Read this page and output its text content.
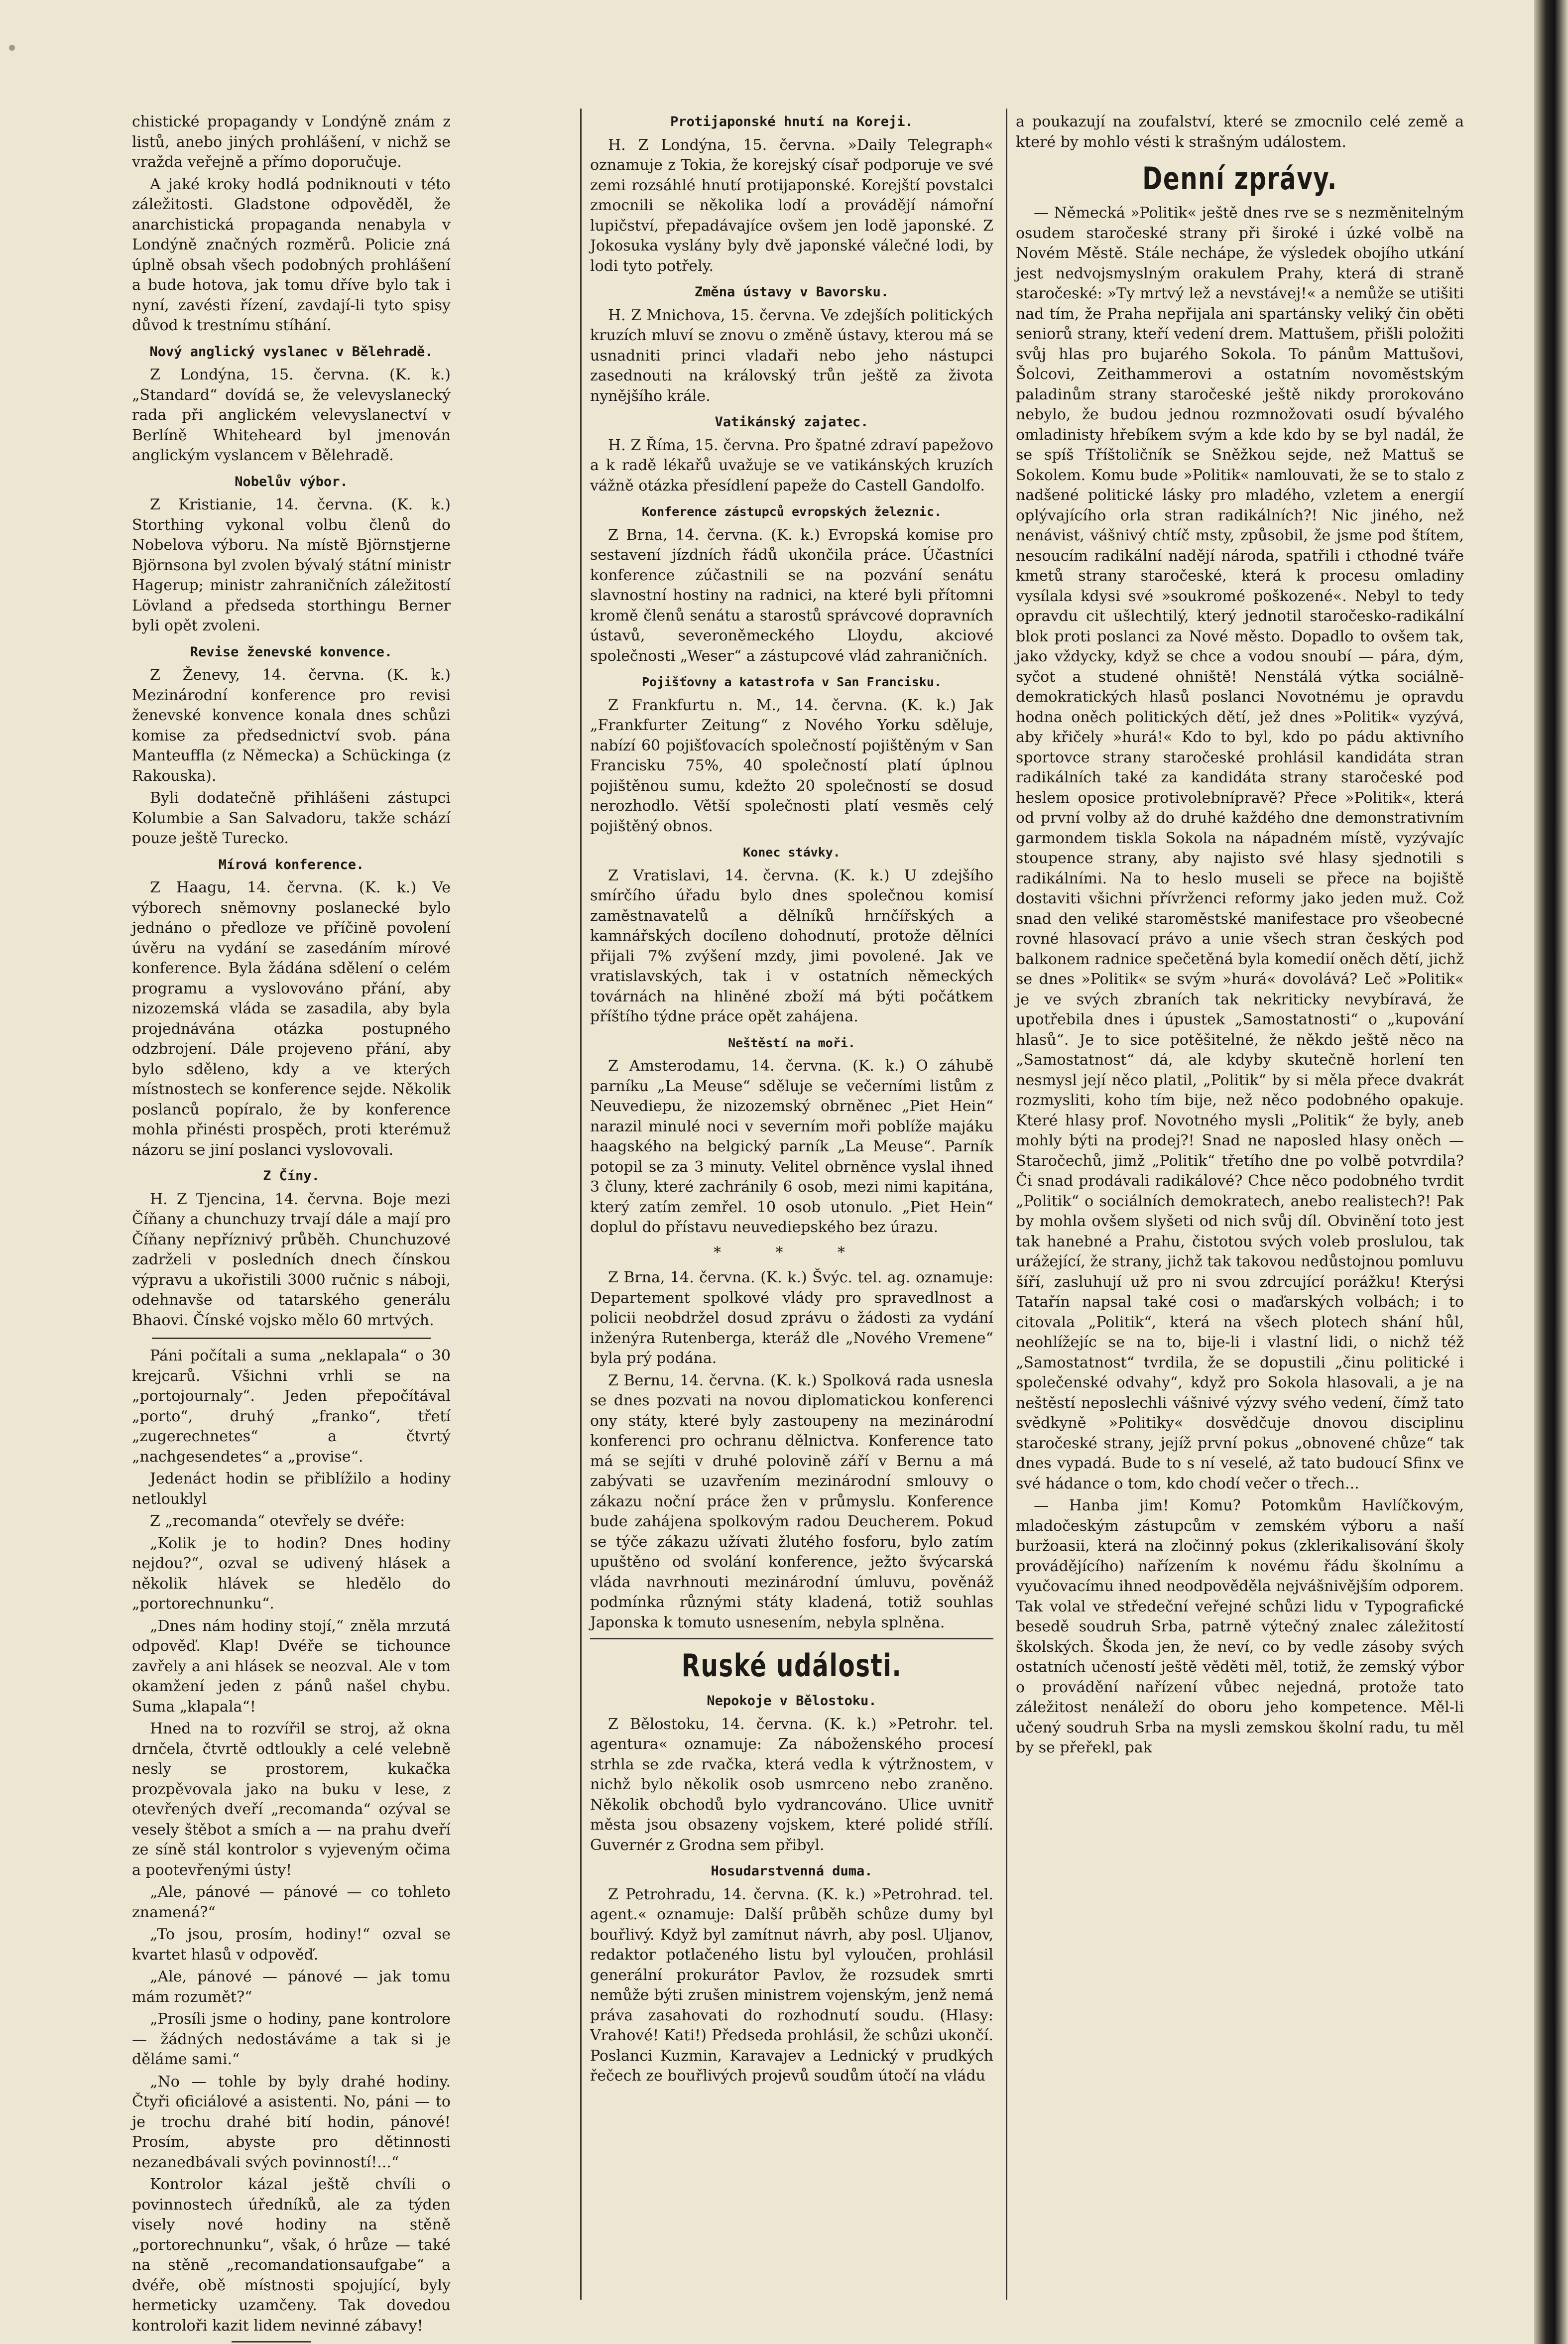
chistické propagandy v Londýně znám z listů, anebo jiných prohlášení, v nichž se vražda veřejně a přímo doporučuje.

A jaké kroky hodlá podniknouti v této záležitosti. Gladstone odpověděl, že anarchistická propaganda nenabyla v Londýně značných rozměrů. Policie zná úplně obsah všech podobných prohlášení a bude hotova, jak tomu dříve bylo tak i nyní, zavésti řízení, zavdají-li tyto spisy důvod k trestnímu stíhání.

Nový anglický vyslanec v Bělehradě.

Z Londýna, 15. června. (K. k.) „Standard“ dovídá se, že velevyslanecký rada při anglickém velevyslanectví v Berlíně Whiteheard byl jmenován anglickým vyslancem v Bělehradě.

Nobelův výbor.

Z Kristianie, 14. června. (K. k.) Storthing vykonal volbu členů do Nobelova výboru. Na místě Björnstjerne Björnsona byl zvolen bývalý státní ministr Hagerup; ministr zahraničních záležitostí Lövland a předseda storthingu Berner byli opět zvoleni.

Revise ženevské konvence.

Z Ženevy, 14. června. (K. k.) Mezinárodní konference pro revisi ženevské konvence konala dnes schůzi komise za předsednictví svob. pána Manteuffla (z Německa) a Schückinga (z Rakouska).

Byli dodatečně přihlášeni zástupci Kolumbie a San Salvadoru, takže schází pouze ještě Turecko.

Mírová konference.

Z Haagu, 14. června. (K. k.) Ve výborech sněmovny poslanecké bylo jednáno o předloze ve příčině povolení úvěru na vydání se zasedáním mírové konference. Byla žádána sdělení o celém programu a vyslovováno přání, aby nizozemská vláda se zasadila, aby byla projednávána otázka postupného odzbrojení. Dále projeveno přání, aby bylo sděleno, kdy a ve kterých místnostech se konference sejde. Několik poslanců popíralo, že by konference mohla přinésti prospěch, proti kterémuž názoru se jiní poslanci vyslovovali.

Z Číny.

H. Z Tjencina, 14. června. Boje mezi Číňany a chunchuzy trvají dále a mají pro Číňany nepříznivý průběh. Chunchuzové zadrželi v posledních dnech čínskou výpravu a ukořistili 3000 ručnic s náboji, odehnavše od tatarského generálu Bhaovi. Čínské vojsko mělo 60 mrtvých.

Páni počítali a suma „neklapala“ o 30 krejcarů. Všichni vrhli se na „portojournaly“. Jeden přepočítával „porto“, druhý „franko“, třetí „zugerechnetes“ a čtvrtý „nachgesendetes“ a „provise“.

Jedenáct hodin se přiblížilo a hodiny netlouklyl

Z „recomanda“ otevřely se dvéře:

„Kolik je to hodin? Dnes hodiny nejdou?“, ozval se udivený hlásek a několik hlávek se hledělo do „portorechnunku“.

„Dnes nám hodiny stojí,“ zněla mrzutá odpověď. Klap! Dvéře se tichounce zavřely a ani hlásek se neozval. Ale v tom okamžení jeden z pánů našel chybu. Suma „klapala“!

Hned na to rozvířil se stroj, až okna drnčela, čtvrtě odtloukly a celé velebně nesly se prostorem, kukačka prozpěvovala jako na buku v lese, z otevřených dveří „recomanda“ ozýval se vesely štěbot a smích a — na prahu dveří ze síně stál kontrolor s vyjeveným očima a pootevřenými ústy!

„Ale, pánové — pánové — co tohleto znamená?“

„To jsou, prosím, hodiny!“ ozval se kvartet hlasů v odpověď.

„Ale, pánové — pánové — jak tomu mám rozumět?“

„Prosíli jsme o hodiny, pane kontrolore — žádných nedostáváme a tak si je děláme sami.“

„No — tohle by byly drahé hodiny. Čtyři oficiálové a asistenti. No, páni — to je trochu drahé bití hodin, pánové! Prosím, abyste pro dětinnosti nezanedbávali svých povinností!...“

Kontrolor kázal ještě chvíli o povinnostech úředníků, ale za týden visely nové hodiny na stěně „portorechnunku“, však, ó hrůze — také na stěně „recomandationsaufgabe“ a dvéře, obě místnosti spojující, byly hermeticky uzamčeny. Tak dovedou kontroloři kazit lidem nevinné zábavy!

Protijaponské hnutí na Koreji.

H. Z Londýna, 15. června. »Daily Telegraph« oznamuje z Tokia, že korejský císař podporuje ve své zemi rozsáhlé hnutí protijaponské. Korejští povstalci zmocnili se několika lodí a provádějí námořní lupičství, přepadávajíce ovšem jen lodě japonské. Z Jokosuka vyslány byly dvě japonské válečné lodi, by lodi tyto potřely.

Změna ústavy v Bavorsku.

H. Z Mnichova, 15. června. Ve zdejších politických kruzích mluví se znovu o změně ústavy, kterou má se usnadniti princi vladaři nebo jeho nástupci zasednouti na královský trůn ještě za života nynějšího krále.

Vatikánský zajatec.

H. Z Říma, 15. června. Pro špatné zdraví papežovo a k radě lékařů uvažuje se ve vatikánských kruzích vážně otázka přesídlení papeže do Castell Gandolfo.

Konference zástupců evropských železnic.

Z Brna, 14. června. (K. k.) Evropská komise pro sestavení jízdních řádů ukončila práce. Účastníci konference zúčastnili se na pozvání senátu slavnostní hostiny na radnici, na které byli přítomni kromě členů senátu a starostů správcové dopravních ústavů, severoněmeckého Lloydu, akciové společnosti „Weser“ a zástupcové vlád zahraničních.

Pojišťovny a katastrofa v San Francisku.

Z Frankfurtu n. M., 14. června. (K. k.) Jak „Frankfurter Zeitung“ z Nového Yorku sděluje, nabízí 60 pojišťovacích společností pojištěným v San Francisku 75%, 40 společností platí úplnou pojištěnou sumu, kdežto 20 společností se dosud nerozhodlo. Větší společnosti platí vesměs celý pojištěný obnos.

Konec stávky.

Z Vratislavi, 14. června. (K. k.) U zdejšího smírčího úřadu bylo dnes společnou komisí zaměstnavatelů a dělníků hrnčířských a kamnářských docíleno dohodnutí, protože dělníci přijali 7% zvýšení mzdy, jimi povolené. Jak ve vratislavských, tak i v ostatních německých továrnách na hliněné zboží má býti počátkem příštího týdne práce opět zahájena.

Neštěstí na moři.

Z Amsterodamu, 14. června. (K. k.) O záhubě parníku „La Meuse“ sděluje se večerními listům z Neuvediepu, že nizozemský obrněnec „Piet Hein“ narazil minulé noci v severním moři poblíže majáku haagského na belgický parník „La Meuse“. Parník potopil se za 3 minuty. Velitel obrněnce vyslal ihned 3 čluny, které zachránily 6 osob, mezi nimi kapitána, který zatím zemřel. 10 osob utonulo. „Piet Hein“ doplul do přístavu neuvediepského bez úrazu.

* * *

Z Brna, 14. června. (K. k.) Švýc. tel. ag. oznamuje: Departement spolkové vlády pro spravedlnost a policii neobdržel dosud zprávu o žádosti za vydání inženýra Rutenberga, kteráž dle „Nového Vremene“ byla prý podána.

Z Bernu, 14. června. (K. k.) Spolková rada usnesla se dnes pozvati na novou diplomatickou konferenci ony státy, které byly zastoupeny na mezinárodní konferenci pro ochranu dělnictva. Konference tato má se sejíti v druhé polovině září v Bernu a má zabývati se uzavřením mezinárodní smlouvy o zákazu noční práce žen v průmyslu. Konference bude zahájena spolkovým radou Deucherem. Pokud se týče zákazu užívati žlutého fosforu, bylo zatím upuštěno od svolání konference, ježto švýcarská vláda navrhnouti mezinárodní úmluvu, pověnáž podmínka různými státy kladená, totiž souhlas Japonska k tomuto usnesením, nebyla splněna.

Ruské události.
Nepokoje v Bělostoku.

Z Bělostoku, 14. června. (K. k.) »Petrohr. tel. agentura« oznamuje: Za náboženského procesí strhla se zde rvačka, která vedla k výtržnostem, v nichž bylo několik osob usmrceno nebo zraněno. Několik obchodů bylo vydrancováno. Ulice uvnitř města jsou obsazeny vojskem, které polidé střílí. Guvernér z Grodna sem přibyl.

Hosudarstvenná duma.

Z Petrohradu, 14. června. (K. k.) »Petrohrad. tel. agent.« oznamuje: Další průběh schůze dumy byl bouřlivý. Když byl zamítnut návrh, aby posl. Uljanov, redaktor potlačeného listu byl vyloučen, prohlásil generální prokurátor Pavlov, že rozsudek smrti nemůže býti zrušen ministrem vojenským, jenž nemá práva zasahovati do rozhodnutí soudu. (Hlasy: Vrahové! Kati!) Předseda prohlásil, že schůzi ukončí. Poslanci Kuzmin, Karavajev a Lednický v prudkých řečech ze bouřlivých projevů soudům útočí na vládu

a poukazují na zoufalství, které se zmocnilo celé země a které by mohlo vésti k strašným událostem.

Denní zprávy.

— Německá »Politik« ještě dnes rve se s nezměnitelným osudem staročeské strany při široké i úzké volbě na Novém Městě. Stále nechápe, že výsledek obojího utkání jest nedvojsmyslným orakulem Prahy, která di straně staročeské: »Ty mrtvý lež a nevstávej!« a nemůže se utišiti nad tím, že Praha nepřijala ani spartánsky veliký čin oběti seniorů strany, kteří vedení drem. Mattušem, přišli položiti svůj hlas pro bujarého Sokola. To pánům Mattušovi, Šolcovi, Zeithammerovi a ostatním novoměstským paladinům strany staročeské ještě nikdy prorokováno nebylo, že budou jednou rozmnožovati osudí bývalého omladinisty hřebíkem svým a kde kdo by se byl nadál, že se spíš Tříštoličník se Sněžkou sejde, než Mattuš se Sokolem. Komu bude »Politik« namlouvati, že se to stalo z nadšené politické lásky pro mladého, vzletem a energií oplývajícího orla stran radikálních?! Nic jiného, než nenávist, vášnivý chtíč msty, způsobil, že jsme pod štítem, nesoucím radikální nadějí národa, spatřili i cthodné tváře kmetů strany staročeské, která k procesu omladiny vysílala kdysi své »soukromé poškozené«. Nebyl to tedy opravdu cit ušlechtilý, který jednotil staročesko-radikální blok proti poslanci za Nové město. Dopadlo to ovšem tak, jako vždycky, když se chce a vodou snoubí — pára, dým, syčot a studené ohniště! Nenstálá výtka sociálně-demokratických hlasů poslanci Novotnému je opravdu hodna oněch politických dětí, jež dnes »Politik« vyzývá, aby křičely »hurá!« Kdo to byl, kdo po pádu aktivního sportovce strany staročeské prohlásil kandidáta stran radikálních také za kandidáta strany staročeské pod heslem oposice protivolebnípravě? Přece »Politik«, která od první volby až do druhé každého dne demonstrativním garmondem tiskla Sokola na nápadném místě, vyzývajíc stoupence strany, aby najisto své hlasy sjednotili s radikálními. Na to heslo museli se přece na bojiště dostaviti všichni přívrženci reformy jako jeden muž. Což snad den veliké staroměstské manifestace pro všeobecné rovné hlasovací právo a unie všech stran českých pod balkonem radnice spečetěná byla komedií oněch dětí, jichž se dnes »Politik« se svým »hurá« dovolává? Leč »Politik« je ve svých zbraních tak nekriticky nevybíravá, že upotřebila dnes i úpustek „Samostatnosti“ o „kupování hlasů“. Je to sice potěšitelné, že někdo ještě něco na „Samostatnost“ dá, ale kdyby skutečně horlení ten nesmysl její něco platil, „Politik“ by si měla přece dvakrát rozmysliti, koho tím bije, než něco podobného opakuje. Které hlasy prof. Novotného mysli „Politik“ že byly, aneb mohly býti na prodej?! Snad ne naposled hlasy oněch — Staročechů, jimž „Politik“ třetího dne po volbě potvrdila? Či snad prodávali radikálové? Chce něco podobného tvrdit „Politik“ o sociálních demokratech, anebo realistech?! Pak by mohla ovšem slyšeti od nich svůj díl. Obvinění toto jest tak hanebné a Prahu, čistotou svých voleb proslulou, tak urážející, že strany, jichž tak takovou nedůstojnou pomluvu šíří, zasluhují už pro ni svou zdrcující porážku! Kterýsi Tatařín napsal také cosi o maďarských volbách; i to citovala „Politik“, která na všech plotech shání hůl, neohlížejíc se na to, bije-li i vlastní lidi, o nichž též „Samostatnost“ tvrdila, že se dopustili „činu politické i společenské odvahy“, když pro Sokola hlasovali, a je na neštěstí neposlechli vášnivé výzvy svého vedení, čímž tato svědkyně »Politiky« dosvědčuje dnovou disciplinu staročeské strany, jejíž první pokus „obnovené chůze“ tak dnes vypadá. Bude to s ní veselé, až tato budoucí Sfinx ve své hádance o tom, kdo chodí večer o třech...

— Hanba jim! Komu? Potomkům Havlíčkovým, mladočeským zástupcům v zemském výboru a naší buržoasii, která na zločinný pokus (zklerikalisování školy provádějícího) nařízením k novému řádu školnímu a vyučovacímu ihned neodpověděla nejvášnivějším odporem. Tak volal ve středeční veřejné schůzi lidu v Typografické besedě soudruh Srba, patrně výtečný znalec záležitostí školských. Škoda jen, že neví, co by vedle zásoby svých ostatních učeností ještě věděti měl, totiž, že zemský výbor o provádění nařízení vůbec nejedná, protože tato záležitost nenáleží do oboru jeho kompetence. Měl-li učený soudruh Srba na mysli zemskou školní radu, tu měl by se přeřekl, pak
